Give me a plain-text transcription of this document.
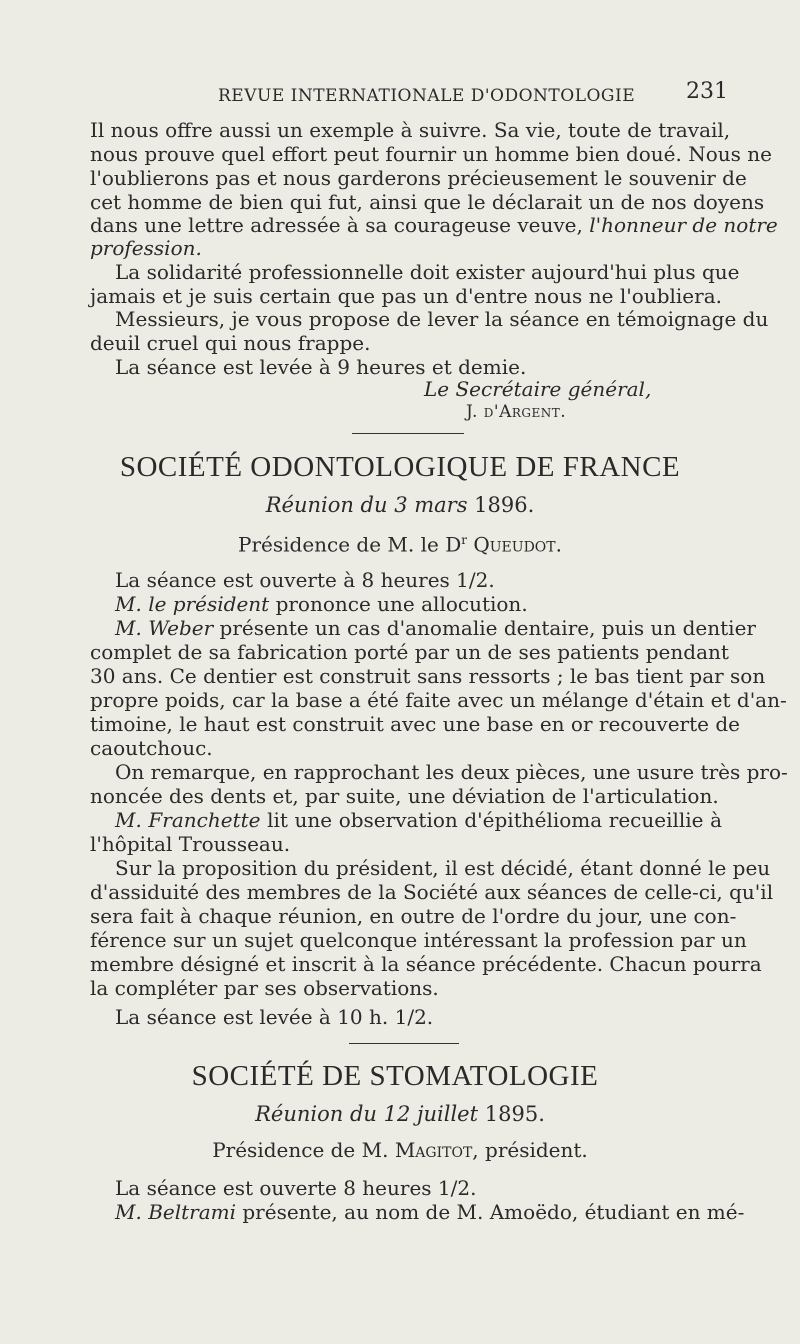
REVUE INTERNATIONALE D'ODONTOLOGIE 231
Il nous offre aussi un exemple à suivre. Sa vie, toute de travail,
nous prouve quel effort peut fournir un homme bien doué. Nous ne
l'oublierons pas et nous garderons précieusement le souvenir de
cet homme de bien qui fut, ainsi que le déclarait un de nos doyens
dans une lettre adressée à sa courageuse veuve, l'honneur de notre
profession.
La solidarité professionnelle doit exister aujourd'hui plus que
jamais et je suis certain que pas un d'entre nous ne l'oubliera.
Messieurs, je vous propose de lever la séance en témoignage du
deuil cruel qui nous frappe.
La séance est levée à 9 heures et demie.
Le Secrétaire général,
J. d'Argent.
SOCIÉTÉ ODONTOLOGIQUE DE FRANCE
Réunion du 3 mars 1896.
Présidence de M. le $D^r$ Queudot.
La séance est ouverte à 8 heures 1/2.
M. le président prononce une allocution.
M. Weber présente un cas d'anomalie dentaire, puis un dentier
complet de sa fabrication porté par un de ses patients pendant
30 ans. Ce dentier est construit sans ressorts ; le bas tient par son
propre poids, car la base a été faite avec un mélange d'étain et d'an-
timoine, le haut est construit avec une base en or recouverte de
caoutchouc.
On remarque, en rapprochant les deux pièces, une usure très pro-
noncée des dents et, par suite, une déviation de l'articulation.
M. Franchette lit une observation d'épithélioma recueillie à
l'hôpital Trousseau.
Sur la proposition du président, il est décidé, étant donné le peu
d'assiduité des membres de la Société aux séances de celle-ci, qu'il
sera fait à chaque réunion, en outre de l'ordre du jour, une con-
férence sur un sujet quelconque intéressant la profession par un
membre désigné et inscrit à la séance précédente. Chacun pourra
la compléter par ses observations.
La séance est levée à 10 h. 1/2.
SOCIÉTÉ DE STOMATOLOGIE
Réunion du 12 juillet 1895.
Présidence de M. Magitot, président.
La séance est ouverte 8 heures 1/2.
M. Beltrami présente, au nom de M. Amoëdo, étudiant en mé-
